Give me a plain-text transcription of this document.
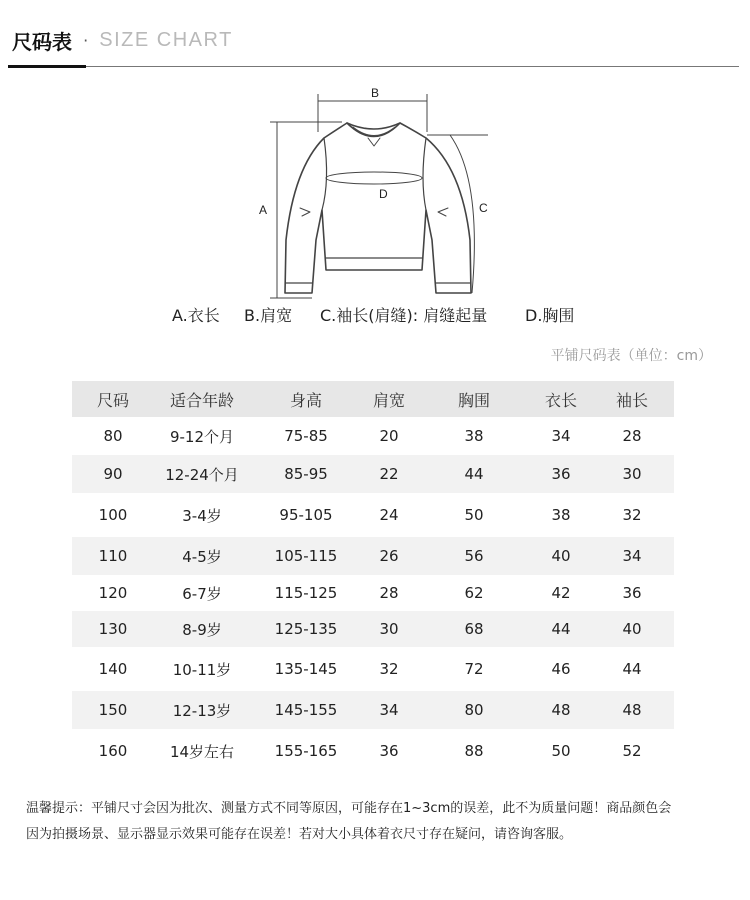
尺码表 · SIZE CHART
B
A
D
C
A.衣长 B.肩宽 C.袖长(肩缝): 肩缝起量 D.胸围
平铺尺码表（单位：cm）
尺码	适合年龄	身高	肩宽	胸围	衣长	袖长
80	9-12个月	75-85	20	38	34	28
90	12-24个月	85-95	22	44	36	30
100	3-4岁	95-105	24	50	38	32
110	4-5岁	105-115	26	56	40	34
120	6-7岁	115-125	28	62	42	36
130	8-9岁	125-135	30	68	44	40
140	10-11岁	135-145	32	72	46	44
150	12-13岁	145-155	34	80	48	48
160	14岁左右	155-165	36	88	50	52
温馨提示：平铺尺寸会因为批次、测量方式不同等原因，可能存在1~3cm的误差，此不为质量问题！商品颜色会
因为拍摄场景、显示器显示效果可能存在误差！若对大小具体着衣尺寸存在疑问，请咨询客服。
